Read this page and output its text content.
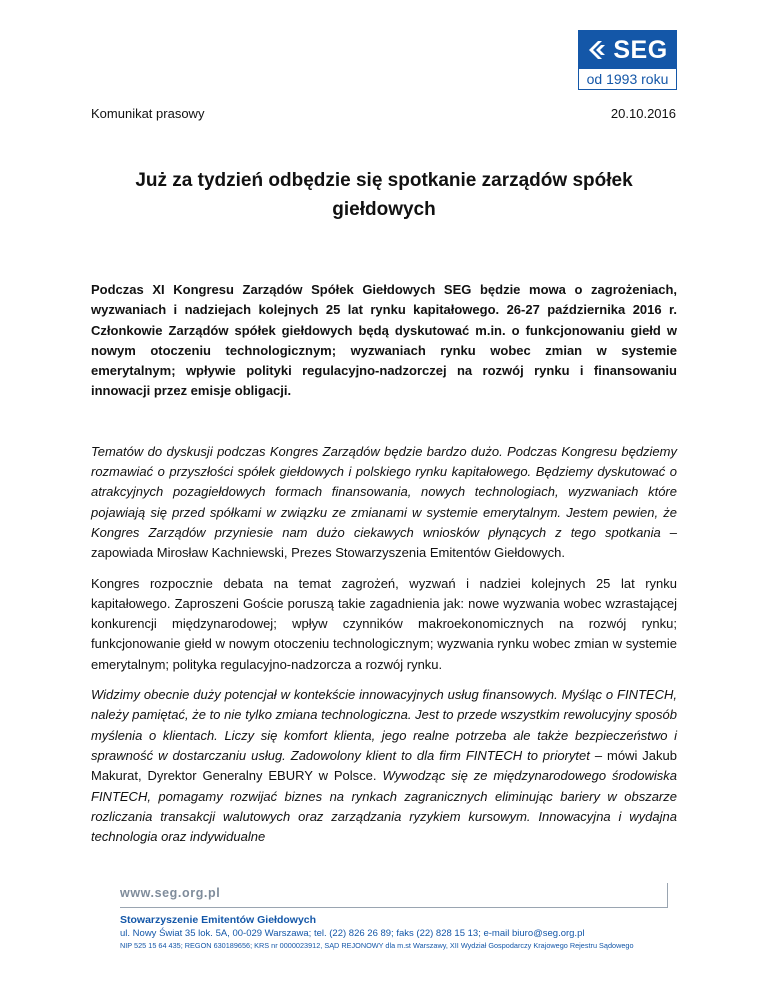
SEG
od 1993 roku
Komunikat prasowy	20.10.2016
Już za tydzień odbędzie się spotkanie zarządów spółek giełdowych

Podczas XI Kongresu Zarządów Spółek Giełdowych SEG będzie mowa o zagrożeniach, wyzwaniach i nadziejach kolejnych 25 lat rynku kapitałowego. 26-27 października 2016 r. Członkowie Zarządów spółek giełdowych będą dyskutować m.in. o funkcjonowaniu giełd w nowym otoczeniu technologicznym; wyzwaniach rynku wobec zmian w systemie emerytalnym; wpływie polityki regulacyjno-nadzorczej na rozwój rynku i finansowaniu innowacji przez emisje obligacji.

Tematów do dyskusji podczas Kongres Zarządów będzie bardzo dużo. Podczas Kongresu będziemy rozmawiać o przyszłości spółek giełdowych i polskiego rynku kapitałowego. Będziemy dyskutować o atrakcyjnych pozagiełdowych formach finansowania, nowych technologiach, wyzwaniach które pojawiają się przed spółkami w związku ze zmianami w systemie emerytalnym. Jestem pewien, że Kongres Zarządów przyniesie nam dużo ciekawych wniosków płynących z tego spotkania – zapowiada Mirosław Kachniewski, Prezes Stowarzyszenia Emitentów Giełdowych.

Kongres rozpocznie debata na temat zagrożeń, wyzwań i nadziei kolejnych 25 lat rynku kapitałowego. Zaproszeni Goście poruszą takie zagadnienia jak: nowe wyzwania wobec wzrastającej konkurencji międzynarodowej; wpływ czynników makroekonomicznych na rozwój rynku; funkcjonowanie giełd w nowym otoczeniu technologicznym; wyzwania rynku wobec zmian w systemie emerytalnym; polityka regulacyjno-nadzorcza a rozwój rynku.

Widzimy obecnie duży potencjał w kontekście innowacyjnych usług finansowych. Myśląc o FINTECH, należy pamiętać, że to nie tylko zmiana technologiczna. Jest to przede wszystkim rewolucyjny sposób myślenia o klientach. Liczy się komfort klienta, jego realne potrzeba ale także bezpieczeństwo i sprawność w dostarczaniu usług. Zadowolony klient to dla firm FINTECH to priorytet – mówi Jakub Makurat, Dyrektor Generalny EBURY w Polsce. Wywodząc się ze międzynarodowego środowiska FINTECH, pomagamy rozwijać biznes na rynkach zagranicznych eliminując bariery w obszarze rozliczania transakcji walutowych oraz zarządzania ryzykiem kursowym. Innowacyjna i wydajna technologia oraz indywidualne

www.seg.org.pl
Stowarzyszenie Emitentów Giełdowych
ul. Nowy Świat 35 lok. 5A, 00-029 Warszawa; tel. (22) 826 26 89; faks (22) 828 15 13; e-mail biuro@seg.org.pl
NIP 525 15 64 435; REGON 630189656; KRS nr 0000023912, SĄD REJONOWY dla m.st Warszawy, XII Wydział Gospodarczy Krajowego Rejestru Sądowego
